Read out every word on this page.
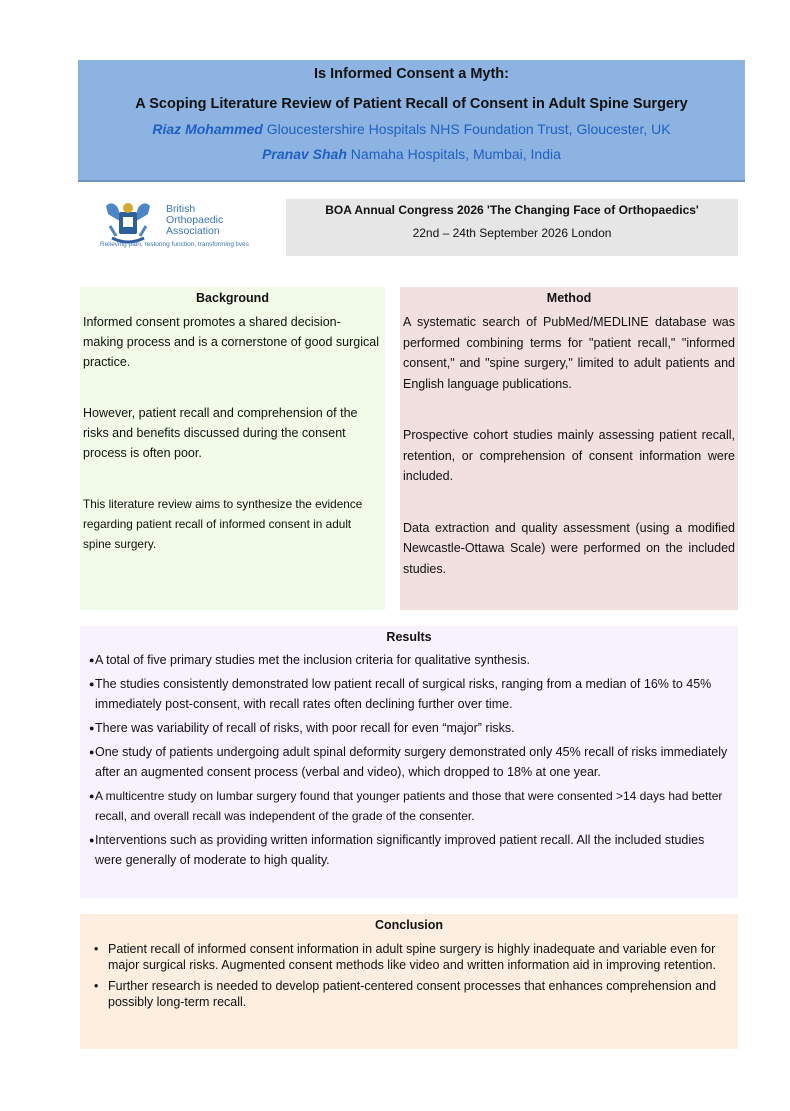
Is Informed Consent a Myth:
A Scoping Literature Review of Patient Recall of Consent in Adult Spine Surgery
Riaz Mohammed Gloucestershire Hospitals NHS Foundation Trust, Gloucester, UK
Pranav Shah Namaha Hospitals, Mumbai, India
British
Orthopaedic
Association
Relieving pain, restoring function, transforming lives
BOA Annual Congress 2026 'The Changing Face of Orthopaedics'
22nd – 24th September 2026 London
Background

Informed consent promotes a shared decision-making process and is a cornerstone of good surgical practice.

However, patient recall and comprehension of the risks and benefits discussed during the consent process is often poor.

This literature review aims to synthesize the evidence regarding patient recall of informed consent in adult spine surgery.

Method

A systematic search of PubMed/MEDLINE database was performed combining terms for "patient recall," "informed consent," and "spine surgery," limited to adult patients and English language publications.

Prospective cohort studies mainly assessing patient recall, retention, or comprehension of consent information were included.

Data extraction and quality assessment (using a modified Newcastle-Ottawa Scale) were performed on the included studies.

Results
● A total of five primary studies met the inclusion criteria for qualitative synthesis.
● The studies consistently demonstrated low patient recall of surgical risks, ranging from a median of 16% to 45% immediately post-consent, with recall rates often declining further over time.
● There was variability of recall of risks, with poor recall for even “major” risks.
● One study of patients undergoing adult spinal deformity surgery demonstrated only 45% recall of risks immediately after an augmented consent process (verbal and video), which dropped to 18% at one year.
● A multicentre study on lumbar surgery found that younger patients and those that were consented >14 days had better recall, and overall recall was independent of the grade of the consenter.
● Interventions such as providing written information significantly improved patient recall. All the included studies were generally of moderate to high quality.
Conclusion
• Patient recall of informed consent information in adult spine surgery is highly inadequate and variable even for major surgical risks. Augmented consent methods like video and written information aid in improving retention.
• Further research is needed to develop patient-centered consent processes that enhances comprehension and possibly long-term recall.
